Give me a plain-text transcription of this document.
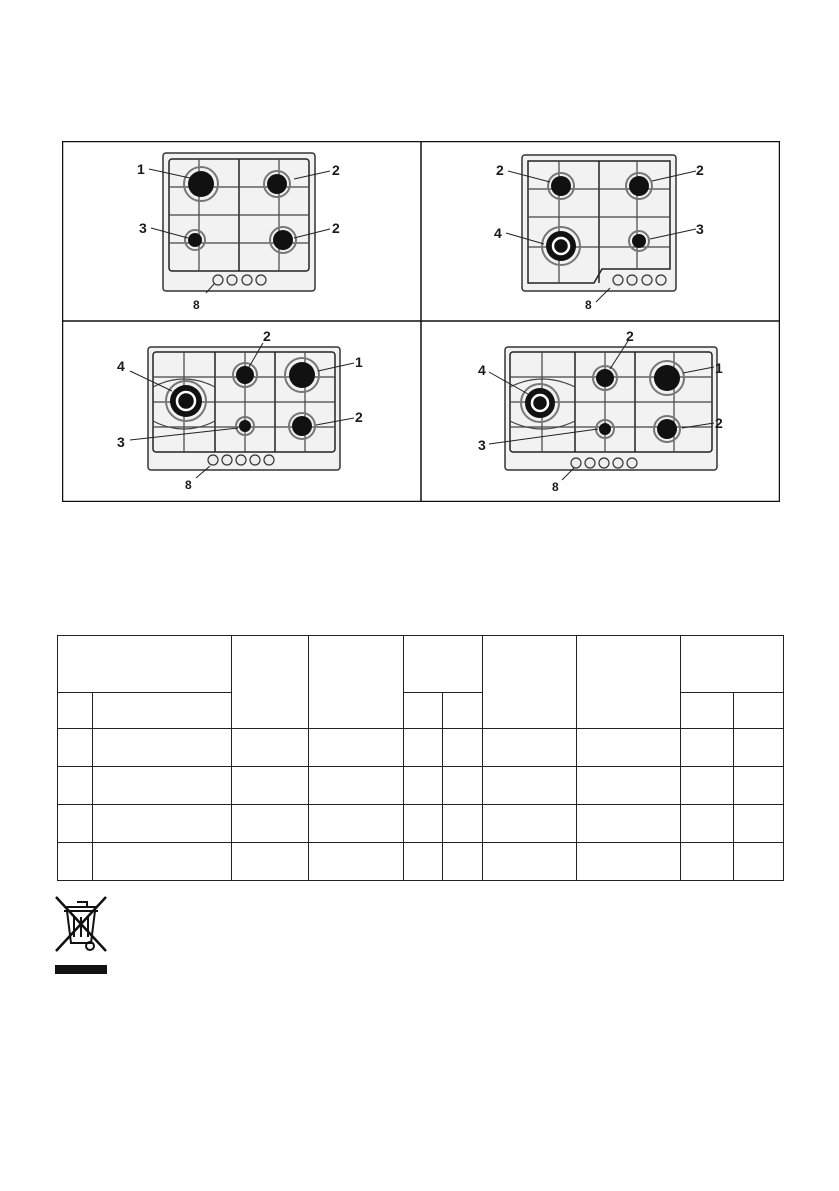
1	2
3	2
8
2	2
4	3
8
2
4	1
3
2
8
2
4	1
3
2
8
